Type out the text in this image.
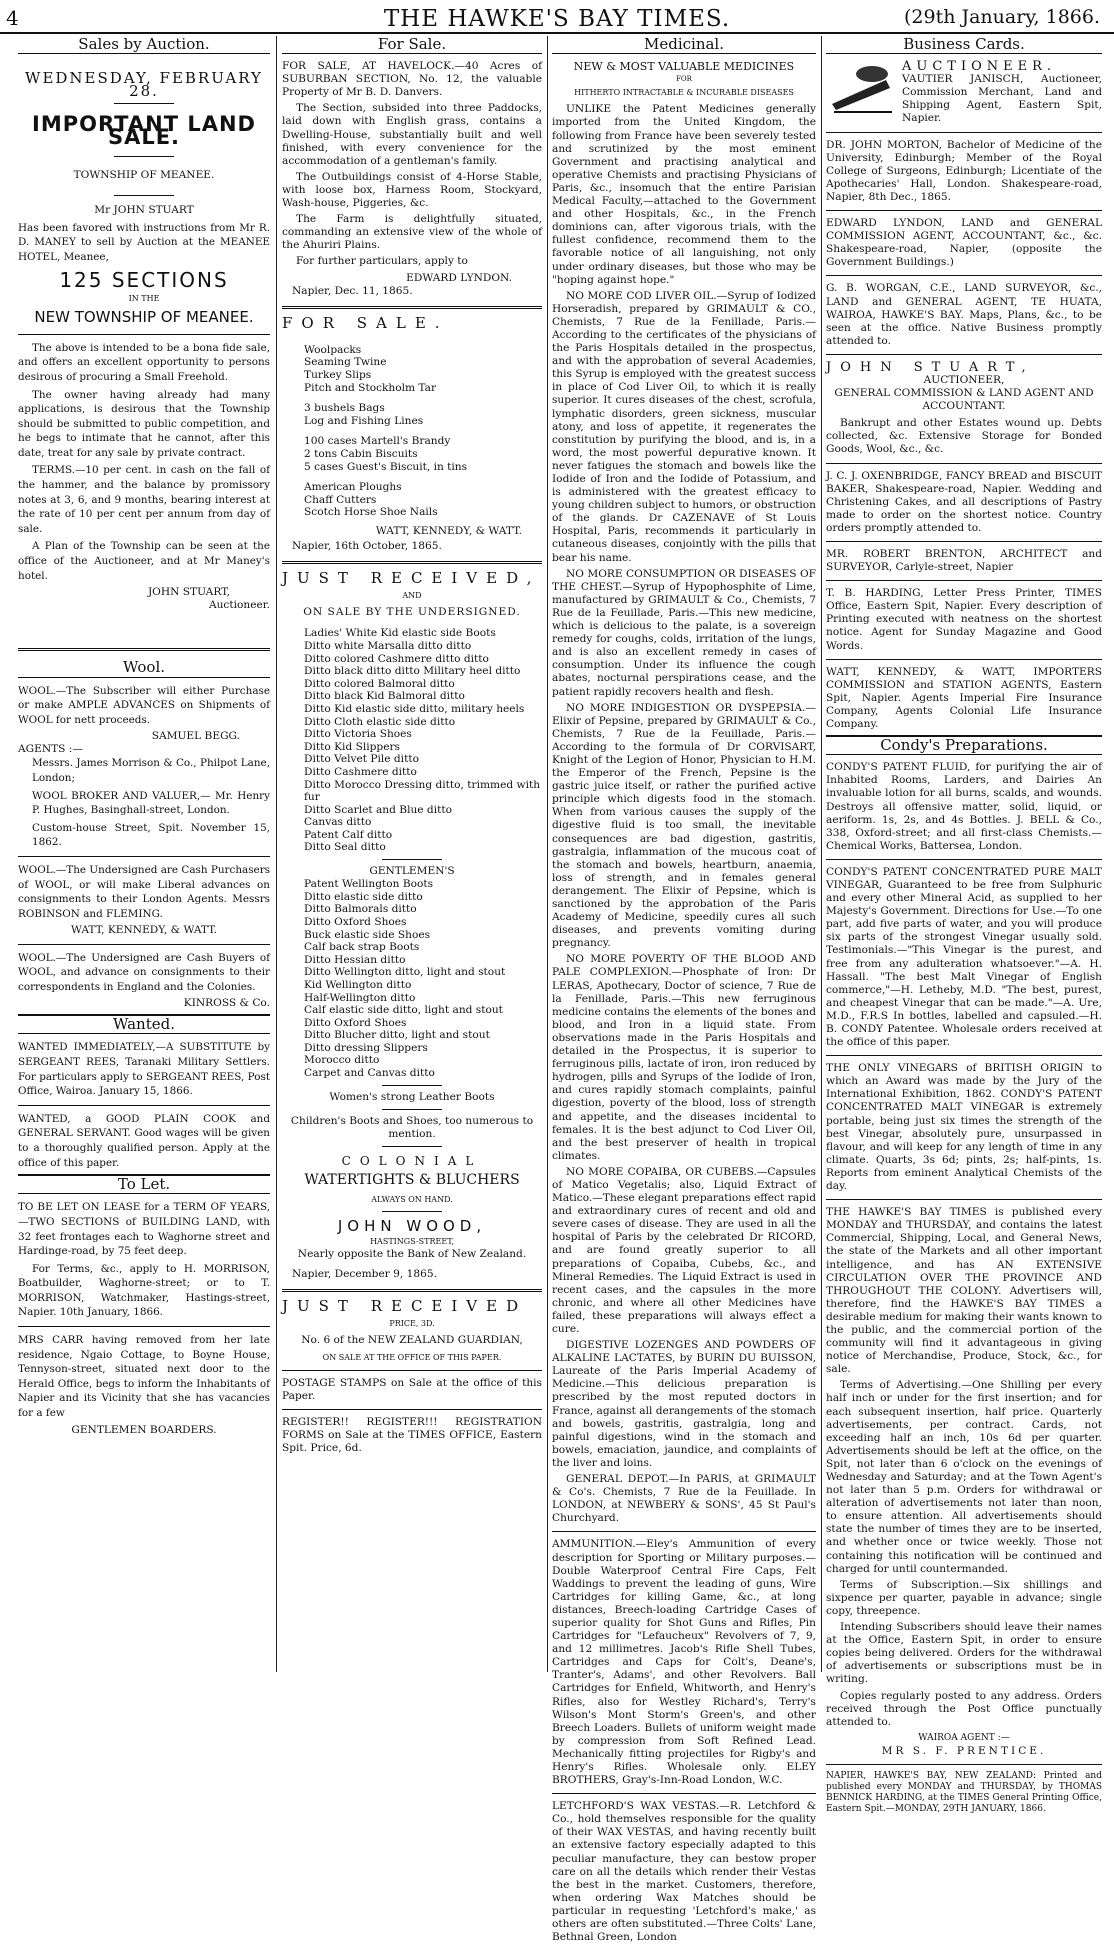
4	THE HAWKE'S BAY TIMES.	(29th January, 1866.
Sales by Auction.
WEDNESDAY, FEBRUARY 28.
IMPORTANT LAND SALE.
TOWNSHIP OF MEANEE.
Mr JOHN STUART

Has been favored with instructions from Mr R. D. MANEY to sell by Auction at the MEANEE HOTEL, Meanee,

125 SECTIONS
IN THE
NEW TOWNSHIP OF MEANEE.

The above is intended to be a bona fide sale, and offers an excellent opportunity to persons desirous of procuring a Small Freehold.

The owner having already had many applications, is desirous that the Township should be submitted to public competition, and he begs to intimate that he cannot, after this date, treat for any sale by private contract.

TERMS.—10 per cent. in cash on the fall of the hammer, and the balance by promissory notes at 3, 6, and 9 months, bearing interest at the rate of 10 per cent per annum from day of sale.

A Plan of the Township can be seen at the office of the Auctioneer, and at Mr Maney's hotel.

JOHN STUART,
Auctioneer.
Wool.

WOOL.—The Subscriber will either Purchase or make AMPLE ADVANCES on Shipments of WOOL for nett proceeds.

SAMUEL BEGG.
AGENTS :—

Messrs. James Morrison & Co., Philpot Lane, London;

WOOL BROKER AND VALUER,— Mr. Henry P. Hughes, Basinghall-street, London.

Custom-house Street, Spit. November 15, 1862.

WOOL.—The Undersigned are Cash Purchasers of WOOL, or will make Liberal advances on consignments to their London Agents. Messrs ROBINSON and FLEMING.

WATT, KENNEDY, & WATT.

WOOL.—The Undersigned are Cash Buyers of WOOL, and advance on consignments to their correspondents in England and the Colonies.

KINROSS & Co.
Wanted.

WANTED IMMEDIATELY,—A SUBSTITUTE by SERGEANT REES, Taranaki Military Settlers. For particulars apply to SERGEANT REES, Post Office, Wairoa. January 15, 1866.

WANTED, a GOOD PLAIN COOK and GENERAL SERVANT. Good wages will be given to a thoroughly qualified person. Apply at the office of this paper.

To Let.

TO BE LET ON LEASE for a TERM OF YEARS,—TWO SECTIONS of BUILDING LAND, with 32 feet frontages each to Waghorne street and Hardinge-road, by 75 feet deep.

For Terms, &c., apply to H. MORRISON, Boatbuilder, Waghorne-street; or to T. MORRISON, Watchmaker, Hastings-street, Napier. 10th January, 1866.

MRS CARR having removed from her late residence, Ngaio Cottage, to Boyne House, Tennyson-street, situated next door to the Herald Office, begs to inform the Inhabitants of Napier and its Vicinity that she has vacancies for a few

GENTLEMEN BOARDERS.
For Sale.

FOR SALE, AT HAVELOCK.—40 Acres of SUBURBAN SECTION, No. 12, the valuable Property of Mr B. D. Danvers.

The Section, subsided into three Paddocks, laid down with English grass, contains a Dwelling-House, substantially built and well finished, with every convenience for the accommodation of a gentleman's family.

The Outbuildings consist of 4-Horse Stable, with loose box, Harness Room, Stockyard, Wash-house, Piggeries, &c.

The Farm is delightfully situated, commanding an extensive view of the whole of the Ahuriri Plains.

For further particulars, apply to

EDWARD LYNDON.
Napier, Dec. 11, 1865.
FOR SALE.
Woolpacks
Seaming Twine
Turkey Slips
Pitch and Stockholm Tar
3 bushels Bags
Log and Fishing Lines
100 cases Martell's Brandy
2 tons Cabin Biscuits
5 cases Guest's Biscuit, in tins
American Ploughs
Chaff Cutters
Scotch Horse Shoe Nails
WATT, KENNEDY, & WATT.
Napier, 16th October, 1865.
JUST RECEIVED,
AND
ON SALE BY THE UNDERSIGNED.
Ladies' White Kid elastic side Boots
Ditto white Marsalla ditto ditto
Ditto colored Cashmere ditto ditto
Ditto black ditto ditto Military heel ditto
Ditto colored Balmoral ditto
Ditto black Kid Balmoral ditto
Ditto Kid elastic side ditto, military heels
Ditto Cloth elastic side ditto
Ditto Victoria Shoes
Ditto Kid Slippers
Ditto Velvet Pile ditto
Ditto Cashmere ditto
Ditto Morocco Dressing ditto, trimmed with fur
Ditto Scarlet and Blue ditto
Canvas ditto
Patent Calf ditto
Ditto Seal ditto
GENTLEMEN'S
Patent Wellington Boots
Ditto elastic side ditto
Ditto Balmorals ditto
Ditto Oxford Shoes
Buck elastic side Shoes
Calf back strap Boots
Ditto Hessian ditto
Ditto Wellington ditto, light and stout
Kid Wellington ditto
Half-Wellington ditto
Calf elastic side ditto, light and stout
Ditto Oxford Shoes
Ditto Blucher ditto, light and stout
Ditto dressing Slippers
Morocco ditto
Carpet and Canvas ditto
Women's strong Leather Boots
Children's Boots and Shoes, too numerous to mention.
COLONIAL
WATERTIGHTS & BLUCHERS
ALWAYS ON HAND.
JOHN WOOD,
HASTINGS-STREET,
Nearly opposite the Bank of New Zealand.
Napier, December 9, 1865.
JUST RECEIVED
PRICE, 3D.
No. 6 of the NEW ZEALAND GUARDIAN,
ON SALE AT THE OFFICE OF THIS PAPER.

POSTAGE STAMPS on Sale at the office of this Paper.

REGISTER!! REGISTER!!! REGISTRATION FORMS on Sale at the TIMES OFFICE, Eastern Spit. Price, 6d.

Medicinal.
NEW & MOST VALUABLE MEDICINES
FOR
HITHERTO INTRACTABLE & INCURABLE DISEASES

UNLIKE the Patent Medicines generally imported from the United Kingdom, the following from France have been severely tested and scrutinized by the most eminent Government and practising analytical and operative Chemists and practising Physicians of Paris, &c., insomuch that the entire Parisian Medical Faculty,—attached to the Government and other Hospitals, &c., in the French dominions can, after vigorous trials, with the fullest confidence, recommend them to the favorable notice of all languishing, not only under ordinary diseases, but those who may be "hoping against hope."

NO MORE COD LIVER OIL.—Syrup of Iodized Horseradish, prepared by GRIMAULT & CO., Chemists, 7 Rue de la Fenillade, Paris.—According to the certificates of the physicians of the Paris Hospitals detailed in the prospectus, and with the approbation of several Academies, this Syrup is employed with the greatest success in place of Cod Liver Oil, to which it is really superior. It cures diseases of the chest, scrofula, lymphatic disorders, green sickness, muscular atony, and loss of appetite, it regenerates the constitution by purifying the blood, and is, in a word, the most powerful depurative known. It never fatigues the stomach and bowels like the Iodide of Iron and the Iodide of Potassium, and is administered with the greatest efficacy to young children subject to humors, or obstruction of the glands. Dr CAZENAVE of St Louis Hospital, Paris, recommends it particularly in cutaneous diseases, conjointly with the pills that bear his name.

NO MORE CONSUMPTION OR DISEASES OF THE CHEST.—Syrup of Hypophosphite of Lime, manufactured by GRIMAULT & Co., Chemists, 7 Rue de la Feuillade, Paris.—This new medicine, which is delicious to the palate, is a sovereign remedy for coughs, colds, irritation of the lungs, and is also an excellent remedy in cases of consumption. Under its influence the cough abates, nocturnal perspirations cease, and the patient rapidly recovers health and flesh.

NO MORE INDIGESTION OR DYSPEPSIA.—Elixir of Pepsine, prepared by GRIMAULT & Co., Chemists, 7 Rue de la Feuillade, Paris.—According to the formula of Dr CORVISART, Knight of the Legion of Honor, Physician to H.M. the Emperor of the French, Pepsine is the gastric juice itself, or rather the purified active principle which digests food in the stomach. When from various causes the supply of the digestive fluid is too small, the inevitable consequences are bad digestion, gastritis, gastralgia, inflammation of the mucous coat of the stomach and bowels, heartburn, anaemia, loss of strength, and in females general derangement. The Elixir of Pepsine, which is sanctioned by the approbation of the Paris Academy of Medicine, speedily cures all such diseases, and prevents vomiting during pregnancy.

NO MORE POVERTY OF THE BLOOD AND PALE COMPLEXION.—Phosphate of Iron: Dr LERAS, Apothecary, Doctor of science, 7 Rue de la Fenillade, Paris.—This new ferruginous medicine contains the elements of the bones and blood, and Iron in a liquid state. From observations made in the Paris Hospitals and detailed in the Prospectus, it is superior to ferruginous pills, lactate of iron, iron reduced by hydrogen, pills and Syrups of the Iodide of Iron, and cures rapidly stomach complaints, painful digestion, poverty of the blood, loss of strength and appetite, and the diseases incidental to females. It is the best adjunct to Cod Liver Oil, and the best preserver of health in tropical climates.

NO MORE COPAIBA, OR CUBEBS.—Capsules of Matico Vegetalis; also, Liquid Extract of Matico.—These elegant preparations effect rapid and extraordinary cures of recent and old and severe cases of disease. They are used in all the hospital of Paris by the celebrated Dr RICORD, and are found greatly superior to all preparations of Copaiba, Cubebs, &c., and Mineral Remedies. The Liquid Extract is used in recent cases, and the capsules in the more chronic, and where all other Medicines have failed, these preparations will always effect a cure.

DIGESTIVE LOZENGES AND POWDERS OF ALKALINE LACTATES, by BURIN DU BUISSON, Laureate of the Paris Imperial Academy of Medicine.—This delicious preparation is prescribed by the most reputed doctors in France, against all derangements of the stomach and bowels, gastritis, gastralgia, long and painful digestions, wind in the stomach and bowels, emaciation, jaundice, and complaints of the liver and loins.

GENERAL DEPOT.—In PARIS, at GRIMAULT & Co's. Chemists, 7 Rue de la Feuillade. In LONDON, at NEWBERY & SONS', 45 St Paul's Churchyard.

AMMUNITION.—Eley's Ammunition of every description for Sporting or Military purposes.—Double Waterproof Central Fire Caps, Felt Waddings to prevent the leading of guns, Wire Cartridges for killing Game, &c., at long distances, Breech-loading Cartridge Cases of superior quality for Shot Guns and Rifles, Pin Cartridges for "Lefaucheux" Revolvers of 7, 9, and 12 millimetres. Jacob's Rifle Shell Tubes, Cartridges and Caps for Colt's, Deane's, Tranter's, Adams', and other Revolvers. Ball Cartridges for Enfield, Whitworth, and Henry's Rifles, also for Westley Richard's, Terry's Wilson's Mont Storm's Green's, and other Breech Loaders. Bullets of uniform weight made by compression from Soft Refined Lead. Mechanically fitting projectiles for Rigby's and Henry's Rifles. Wholesale only. ELEY BROTHERS, Gray's-Inn-Road London, W.C.

LETCHFORD'S WAX VESTAS.—R. Letchford & Co., hold themselves responsible for the quality of their WAX VESTAS, and having recently built an extensive factory especially adapted to this peculiar manufacture, they can bestow proper care on all the details which render their Vestas the best in the market. Customers, therefore, when ordering Wax Matches should be particular in requesting 'Letchford's make,' as others are often substituted.—Three Colts' Lane, Bethnal Green, London

Business Cards.
AUCTIONEER.

VAUTIER JANISCH, Auctioneer, Commission Merchant, Land and Shipping Agent, Eastern Spit, Napier.

DR. JOHN MORTON, Bachelor of Medicine of the University, Edinburgh; Member of the Royal College of Surgeons, Edinburgh; Licentiate of the Apothecaries' Hall, London. Shakespeare-road, Napier, 8th Dec., 1865.

EDWARD LYNDON, LAND and GENERAL COMMISSION AGENT, ACCOUNTANT, &c., &c. Shakespeare-road, Napier, (opposite the Government Buildings.)

G. B. WORGAN, C.E., LAND SURVEYOR, &c., LAND and GENERAL AGENT, TE HUATA, WAIROA, HAWKE'S BAY. Maps, Plans, &c., to be seen at the office. Native Business promptly attended to.

JOHN STUART,
AUCTIONEER,
GENERAL COMMISSION & LAND AGENT AND ACCOUNTANT.

Bankrupt and other Estates wound up. Debts collected, &c. Extensive Storage for Bonded Goods, Wool, &c., &c.

J. C. J. OXENBRIDGE, FANCY BREAD and BISCUIT BAKER, Shakespeare-road, Napier. Wedding and Christening Cakes, and all descriptions of Pastry made to order on the shortest notice. Country orders promptly attended to.

MR. ROBERT BRENTON, ARCHITECT and SURVEYOR, Carlyle-street, Napier

T. B. HARDING, Letter Press Printer, TIMES Office, Eastern Spit, Napier. Every description of Printing executed with neatness on the shortest notice. Agent for Sunday Magazine and Good Words.

WATT, KENNEDY, & WATT, IMPORTERS COMMISSION and STATION AGENTS, Eastern Spit, Napier. Agents Imperial Fire Insurance Company, Agents Colonial Life Insurance Company.

Condy's Preparations.

CONDY'S PATENT FLUID, for purifying the air of Inhabited Rooms, Larders, and Dairies An invaluable lotion for all burns, scalds, and wounds. Destroys all offensive matter, solid, liquid, or aeriform. 1s, 2s, and 4s Bottles. J. BELL & Co., 338, Oxford-street; and all first-class Chemists.—Chemical Works, Battersea, London.

CONDY'S PATENT CONCENTRATED PURE MALT VINEGAR, Guaranteed to be free from Sulphuric and every other Mineral Acid, as supplied to her Majesty's Government. Directions for Use.—To one part, add five parts of water, and you will produce six parts of the strongest Vinegar usually sold. Testimonials.—"This Vinegar is the purest, and free from any adulteration whatsoever."—A. H. Hassall. "The best Malt Vinegar of English commerce,"—H. Letheby, M.D. "The best, purest, and cheapest Vinegar that can be made."—A. Ure, M.D., F.R.S In bottles, labelled and capsuled.—H. B. CONDY Patentee. Wholesale orders received at the office of this paper.

THE ONLY VINEGARS of BRITISH ORIGIN to which an Award was made by the Jury of the International Exhibition, 1862. CONDY'S PATENT CONCENTRATED MALT VINEGAR is extremely portable, being just six times the strength of the best Vinegar, absolutely pure, unsurpassed in flavour, and will keep for any length of time in any climate. Quarts, 3s 6d; pints, 2s; half-pints, 1s. Reports from eminent Analytical Chemists of the day.

THE HAWKE'S BAY TIMES is published every MONDAY and THURSDAY, and contains the latest Commercial, Shipping, Local, and General News, the state of the Markets and all other important intelligence, and has AN EXTENSIVE CIRCULATION OVER THE PROVINCE AND THROUGHOUT THE COLONY. Advertisers will, therefore, find the HAWKE'S BAY TIMES a desirable medium for making their wants known to the public, and the commercial portion of the community will find it advantageous in giving notice of Merchandise, Produce, Stock, &c., for sale.

Terms of Advertising.—One Shilling per every half inch or under for the first insertion; and for each subsequent insertion, half price. Quarterly advertisements, per contract. Cards, not exceeding half an inch, 10s 6d per quarter. Advertisements should be left at the office, on the Spit, not later than 6 o'clock on the evenings of Wednesday and Saturday; and at the Town Agent's not later than 5 p.m. Orders for withdrawal or alteration of advertisements not later than noon, to ensure attention. All advertisements should state the number of times they are to be inserted, and whether once or twice weekly. Those not containing this notification will be continued and charged for until countermanded.

Terms of Subscription.—Six shillings and sixpence per quarter, payable in advance; single copy, threepence.

Intending Subscribers should leave their names at the Office, Eastern Spit, in order to ensure copies being delivered. Orders for the withdrawal of advertisements or subscriptions must be in writing.

Copies regularly posted to any address. Orders received through the Post Office punctually attended to.

WAIROA AGENT :—
MR S. F. PRENTICE.

NAPIER, HAWKE'S BAY, NEW ZEALAND: Printed and published every MONDAY and THURSDAY, by THOMAS BENNICK HARDING, at the TIMES General Printing Office, Eastern Spit.—MONDAY, 29TH JANUARY, 1866.
